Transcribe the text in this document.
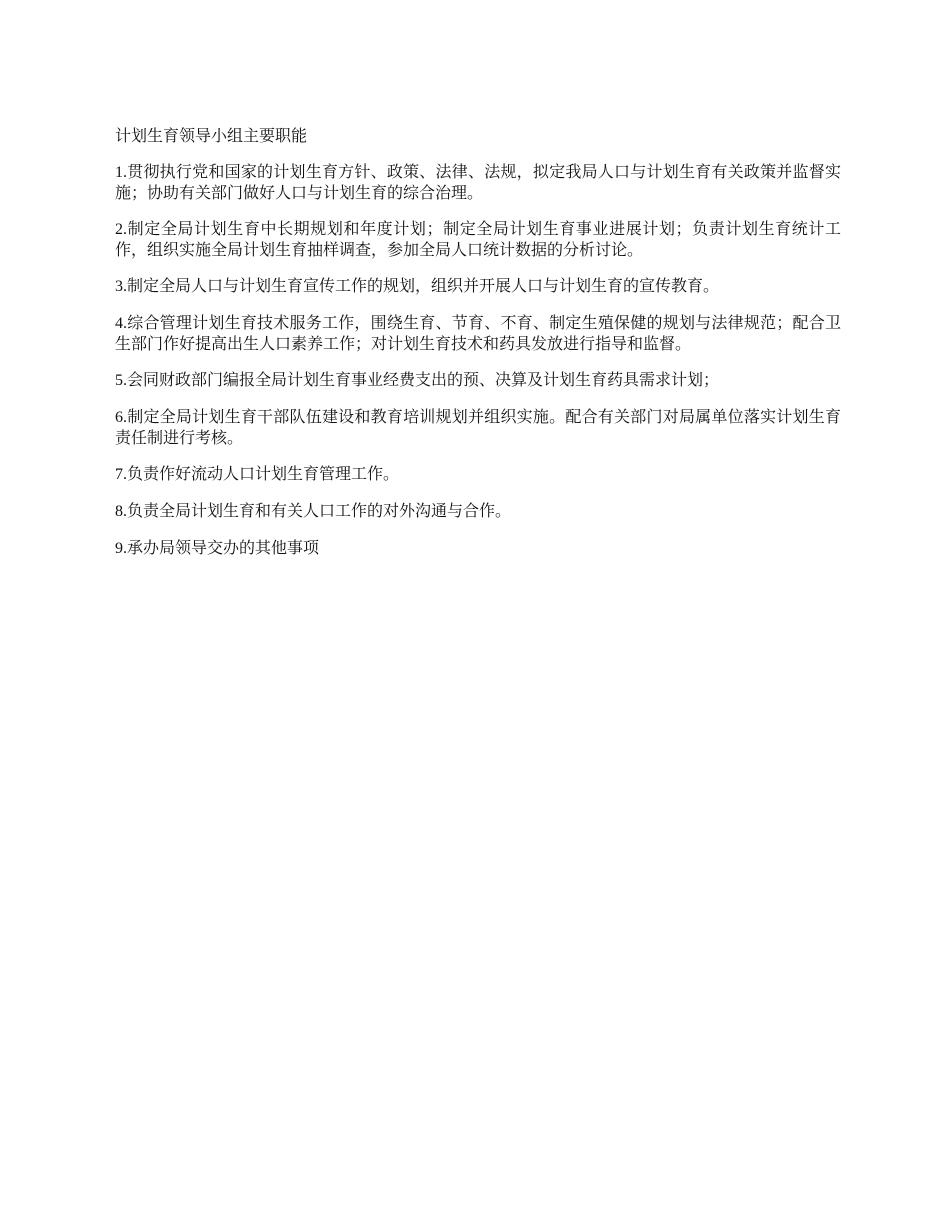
计划生育领导小组主要职能

1.贯彻执行党和国家的计划生育方针、政策、法律、法规，拟定我局人口与计划生育有关政策并监督实施；协助有关部门做好人口与计划生育的综合治理。

2.制定全局计划生育中长期规划和年度计划；制定全局计划生育事业进展计划；负责计划生育统计工作，组织实施全局计划生育抽样调查，参加全局人口统计数据的分析讨论。

3.制定全局人口与计划生育宣传工作的规划，组织并开展人口与计划生育的宣传教育。

4.综合管理计划生育技术服务工作，围绕生育、节育、不育、制定生殖保健的规划与法律规范；配合卫生部门作好提高出生人口素养工作；对计划生育技术和药具发放进行指导和监督。

5.会同财政部门编报全局计划生育事业经费支出的预、决算及计划生育药具需求计划；

6.制定全局计划生育干部队伍建设和教育培训规划并组织实施。配合有关部门对局属单位落实计划生育责任制进行考核。

7.负责作好流动人口计划生育管理工作。

8.负责全局计划生育和有关人口工作的对外沟通与合作。

9.承办局领导交办的其他事项
